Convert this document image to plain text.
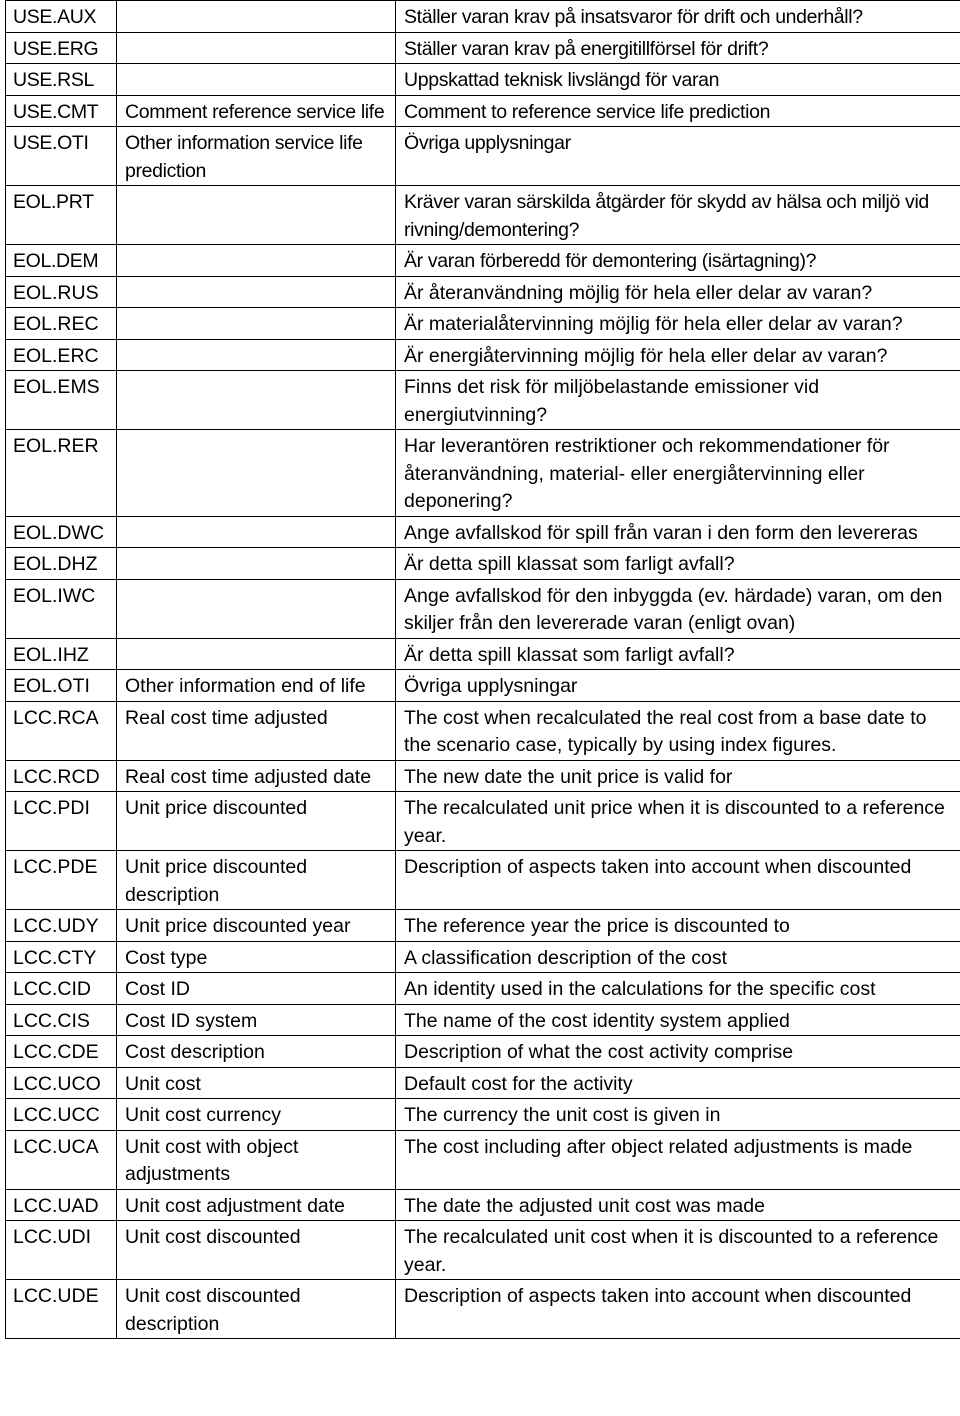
USE.AUX		Ställer varan krav på insatsvaror för drift och underhåll?
USE.ERG		Ställer varan krav på energitillförsel för drift?
USE.RSL		Uppskattad teknisk livslängd för varan
USE.CMT	Comment reference service life	Comment to reference service life prediction
USE.OTI	Other information service life prediction	Övriga upplysningar
EOL.PRT		Kräver varan särskilda åtgärder för skydd av hälsa och miljö vid rivning/demontering?
EOL.DEM		Är varan förberedd för demontering (isärtagning)?
EOL.RUS		Är återanvändning möjlig för hela eller delar av varan?
EOL.REC		Är materialåtervinning möjlig för hela eller delar av varan?
EOL.ERC		Är energiåtervinning möjlig för hela eller delar av varan?
EOL.EMS		Finns det risk för miljöbelastande emissioner vid energiutvinning?
EOL.RER		Har leverantören restriktioner och rekommendationer för återanvändning, material- eller energiåtervinning eller deponering?
EOL.DWC		Ange avfallskod för spill från varan i den form den levereras
EOL.DHZ		Är detta spill klassat som farligt avfall?
EOL.IWC		Ange avfallskod för den inbyggda (ev. härdade) varan, om den skiljer från den levererade varan (enligt ovan)
EOL.IHZ		Är detta spill klassat som farligt avfall?
EOL.OTI	Other information end of life	Övriga upplysningar
LCC.RCA	Real cost time adjusted	The cost when recalculated the real cost from a base date to the scenario case, typically by using index figures.
LCC.RCD	Real cost time adjusted date	The new date the unit price is valid for
LCC.PDI	Unit price discounted	The recalculated unit price when it is discounted to a reference year.
LCC.PDE	Unit price discounted description	Description of aspects taken into account when discounted
LCC.UDY	Unit price discounted year	The reference year the price is discounted to
LCC.CTY	Cost type	A classification description of the cost
LCC.CID	Cost ID	An identity used in the calculations for the specific cost
LCC.CIS	Cost ID system	The name of the cost identity system applied
LCC.CDE	Cost description	Description of what the cost activity comprise
LCC.UCO	Unit cost	Default cost for the activity
LCC.UCC	Unit cost currency	The currency the unit cost is given in
LCC.UCA	Unit cost with object adjustments	The cost including after object related adjustments is made
LCC.UAD	Unit cost adjustment date	The date the adjusted unit cost was made
LCC.UDI	Unit cost discounted	The recalculated unit cost when it is discounted to a reference year.
LCC.UDE	Unit cost discounted description	Description of aspects taken into account when discounted
